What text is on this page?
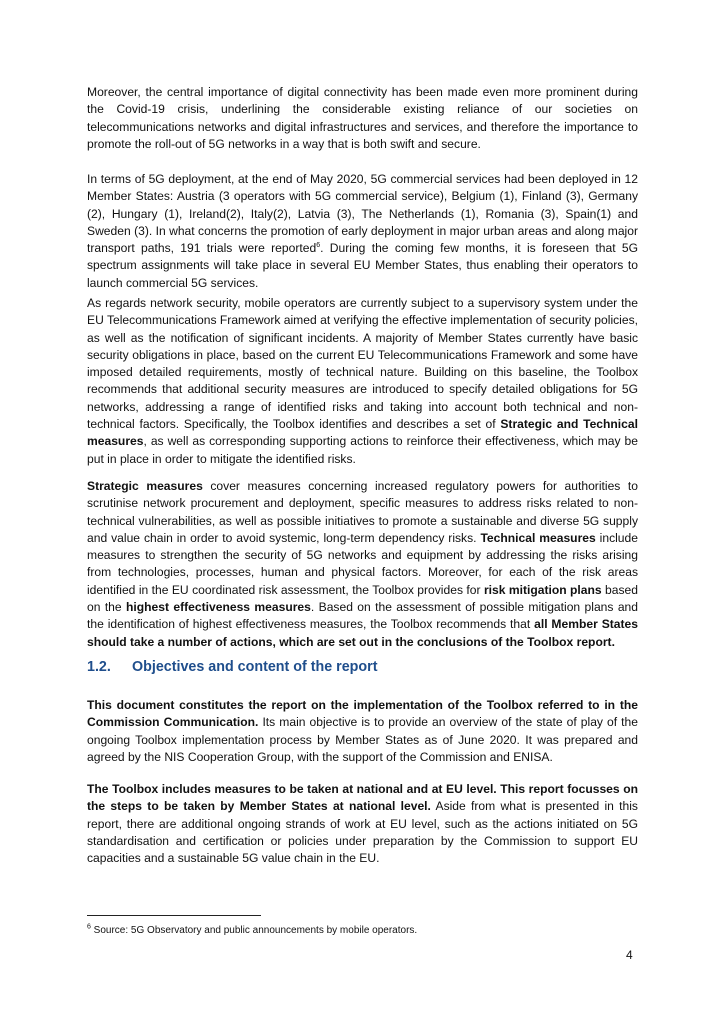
Moreover, the central importance of digital connectivity has been made even more prominent during the Covid-19 crisis, underlining the considerable existing reliance of our societies on telecommunications networks and digital infrastructures and services, and therefore the importance to promote the roll-out of 5G networks in a way that is both swift and secure.

In terms of 5G deployment, at the end of May 2020, 5G commercial services had been deployed in 12 Member States: Austria (3 operators with 5G commercial service), Belgium (1), Finland (3), Germany (2), Hungary (1), Ireland(2), Italy(2), Latvia (3), The Netherlands (1), Romania (3), Spain(1) and Sweden (3). In what concerns the promotion of early deployment in major urban areas and along major transport paths, 191 trials were reported$^6$. During the coming few months, it is foreseen that 5G spectrum assignments will take place in several EU Member States, thus enabling their operators to launch commercial 5G services.

As regards network security, mobile operators are currently subject to a supervisory system under the EU Telecommunications Framework aimed at verifying the effective implementation of security policies, as well as the notification of significant incidents. A majority of Member States currently have basic security obligations in place, based on the current EU Telecommunications Framework and some have imposed detailed requirements, mostly of technical nature. Building on this baseline, the Toolbox recommends that additional security measures are introduced to specify detailed obligations for 5G networks, addressing a range of identified risks and taking into account both technical and non-technical factors. Specifically, the Toolbox identifies and describes a set of Strategic and Technical measures, as well as corresponding supporting actions to reinforce their effectiveness, which may be put in place in order to mitigate the identified risks.

Strategic measures cover measures concerning increased regulatory powers for authorities to scrutinise network procurement and deployment, specific measures to address risks related to non-technical vulnerabilities, as well as possible initiatives to promote a sustainable and diverse 5G supply and value chain in order to avoid systemic, long-term dependency risks. Technical measures include measures to strengthen the security of 5G networks and equipment by addressing the risks arising from technologies, processes, human and physical factors. Moreover, for each of the risk areas identified in the EU coordinated risk assessment, the Toolbox provides for risk mitigation plans based on the highest effectiveness measures. Based on the assessment of possible mitigation plans and the identification of highest effectiveness measures, the Toolbox recommends that all Member States should take a number of actions, which are set out in the conclusions of the Toolbox report.

1.2. Objectives and content of the report

This document constitutes the report on the implementation of the Toolbox referred to in the Commission Communication. Its main objective is to provide an overview of the state of play of the ongoing Toolbox implementation process by Member States as of June 2020. It was prepared and agreed by the NIS Cooperation Group, with the support of the Commission and ENISA.

The Toolbox includes measures to be taken at national and at EU level. This report focusses on the steps to be taken by Member States at national level. Aside from what is presented in this report, there are additional ongoing strands of work at EU level, such as the actions initiated on 5G standardisation and certification or policies under preparation by the Commission to support EU capacities and a sustainable 5G value chain in the EU.

$^6$ Source: 5G Observatory and public announcements by mobile operators.

4
